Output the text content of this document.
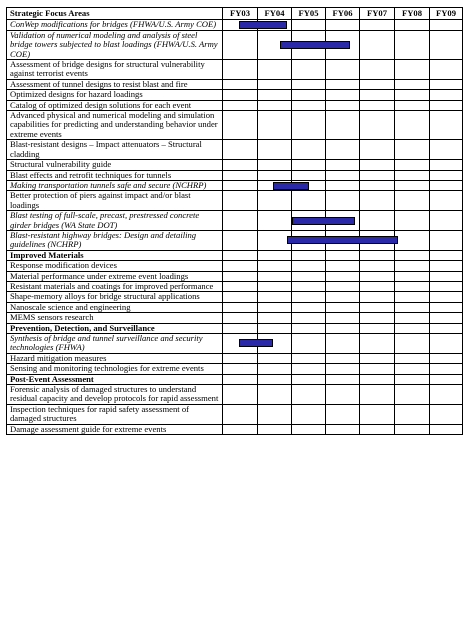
Strategic Focus Areas	FY03	FY04	FY05	FY06	FY07	FY08	FY09
ConWep modifications for bridges (FHWA/U.S. Army COE)	

Validation of numerical modeling and analysis of steel bridge towers subjected to blast loadings (FHWA/U.S. Army COE)	

Assessment of bridge designs for structural vulnerability against terrorist events							
Assessment of tunnel designs to resist blast and fire							
Optimized designs for hazard loadings							
Catalog of optimized design solutions for each event							
Advanced physical and numerical modeling and simulation capabilities for predicting and understanding behavior under extreme events							
Blast-resistant designs – Impact attenuators – Structural cladding							
Structural vulnerability guide							
Blast effects and retrofit techniques for tunnels							
Making transportation tunnels safe and secure (NCHRP)	

Better protection of piers against impact and/or blast loadings							
Blast testing of full-scale, precast, prestressed concrete girder bridges (WA State DOT)	

Blast-resistant highway bridges: Design and detailing guidelines (NCHRP)	

Improved Materials							
Response modification devices							
Material performance under extreme event loadings							
Resistant materials and coatings for improved performance							
Shape-memory alloys for bridge structural applications							
Nanoscale science and engineering							
MEMS sensors research							
Prevention, Detection, and Surveillance							
Synthesis of bridge and tunnel surveillance and security technologies (FHWA)	

Hazard mitigation measures							
Sensing and monitoring technologies for extreme events							
Post-Event Assessment							
Forensic analysis of damaged structures to understand residual capacity and develop protocols for rapid assessment							
Inspection techniques for rapid safety assessment of damaged structures							
Damage assessment guide for extreme events							
